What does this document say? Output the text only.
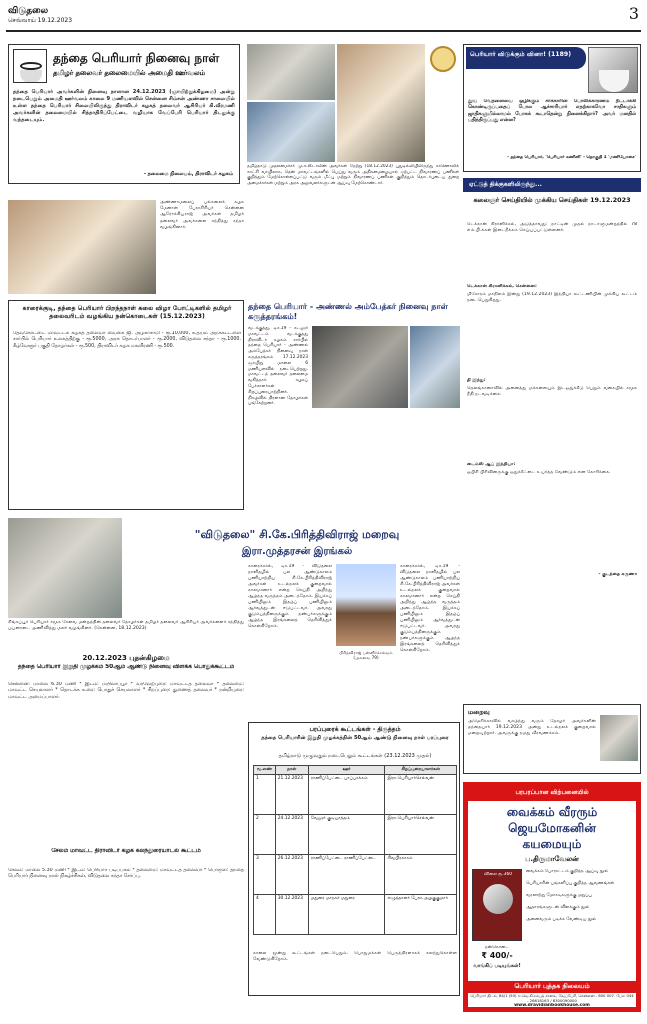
விடுதலை
செவ்வாய் 19.12.2023	3
தந்தை பெரியார் நினைவு நாள்
தமிழர் தலைவர் தலைமையில் அமைதி ஊர்வலம்
தந்தை பெரியார் அவர்களின் நினைவு நாளான 24.12.2023 (ஞாயிற்றுக்கிழமை) அன்று நடைபெறும் அமைதி ஊர்வலம் காலை 9 மணியளவில் சென்னை சிம்சன் அண்ணா சாலையில் உள்ள தந்தை பெரியார் சிலையிலிருந்து திராவிடர் கழகத் தலைவர் ஆசிரியர் கி.வீரமணி அவர்களின் தலைமையில் சிந்தாதிரிப்பேட்டை வழியாக வேப்பேரி பெரியார் திடலுக்கு வந்தடையும்.
- தலைமை நிலையம், திராவிடர் கழகம்
தமிழ்நாடு முதலமைச்சர் மு.க.ஸ்டாலின் அவர்கள் நேற்று (18.12.2023) புதுடில்லியிலிருந்து காணொலிக் காட்சி வாயிலாக, தென் மாவட்டங்களில் பெய்து வரும் அதிகனமழையால் ஏற்பட்ட நிவாரணப் பணிகள் குறித்தும் மேற்கொள்ளப்பட்டு வரும் மீட்பு மற்றும் நிவாரணப் பணிகள் குறித்தும் தொடர்புடைய துறை அமைச்சர்கள் மற்றும் அரசு அலுவலர்களுடன் ஆய்வு மேற்கொண்டார்.
பெரியார் விடுக்கும் வினா! (1189)
தூய் வேதனையை ஒழிக்கும் சர்க்காரின் போலிக்காரணம் தீட்டாக்கி கொண்டிருப்பதைப் போல ஆச்சாரியார் எதற்காகவோ சாதிகளும் ஜாதிகளுமில்லாமல் போகக் கூடாதென்று நினைக்கிறார்? அவர் மனதில் பதிந்திருப்பது என்ன?
- தந்தை பெரியார், 'பெரியார் கணினி' - தொகுதி 1 'மணியோசை'
அண்ணாமலைப் பல்கலைக் கழக மேனாள் பேராசிரியர் சென்னை ஆரோக்கியராஜ் அவர்கள் தமிழர் தலைவர் அவர்களை சந்தித்து சந்தா வழங்கினார்.
ஏட்டுத் திக்குகளிலிருந்து...
கலைஞர் செய்தியில் முக்கிய செய்திகள் 19.12.2023
டெக்கான் கிரானிக்கல், அடுத்தாவது: நாட்டின் முதல் நாடாளுமன்றத்தில் 78 எம்.பி.க்கள் இடைநீக்கம் செய்யப்பட்டுள்ளனர்.
டெக்கான் கிரானிக்கல், சென்னை:
மிசோரம் மாநிலம் இன்று (19.12.2023) இந்தியா கூட்டணியின் முக்கிய கூட்டம் நடைபெறுகிறது.
தி இந்து:
தெலங்கானாவில் அனைத்து மக்களையும் இடஒதுக்கீடு பெறும் வகையில் சமூக நீதி நடவடிக்கை.
டைம்ஸ் ஆப் இந்தியா:
ஓபிசி பிரிவினருக்கு ஒதுக்கீட்டை உயர்த்த வேண்டும் என கோரிக்கை.
- குடந்தை கருணா
காரைக்குடி, தந்தை பெரியார் பிறந்தநாள் கலை விழா போட்டிகளில் தமிழர் தலைவரிடம் வழங்கிய நன்கொடைகள் (15.12.2023)
தேவகோட்டை மாவட்டக் கழகத் தலைவர் வைகை ஜி. அழகர்சாமி - ரூ.10,000, உதயம் அறக்கட்டளை சார்பில் பெரியார் உலகத்திற்கு - ரூ.5000, அரசு தொடர்பாளர் - ரூ.2000, விடுதலை சந்தா - ரூ.1000. கீழ்வேளூர் பகுதி தோழர்கள் - ரூ.500, திராவிடர் கழக மகளிரணி - ரூ.500.
தந்தை பெரியார் - அண்ணல் அம்பேத்கர் நினைவு நாள் கருத்தரங்கம்!
வடக்குத்து, டிச.19 - கடலூர் மாவட்டம் வடக்குத்து திராவிடர் கழகம் சார்பில் தந்தை பெரியார் - அண்ணல் அம்பேத்கர் நினைவு நாள் கருத்தரங்கம் 17.12.2023 ஞாயிறு மாலை 6 மணியளவில் நடைபெற்றது. மாவட்டத் தலைவர் தலைமை வகித்தார். கழகப் பேச்சாளர்கள் சிறப்புரையாற்றினர். நிகழ்வில் திரளான தோழர்கள் பங்கேற்றனர்.
"விடுதலை" சி.கே.பிரித்திவிராஜ் மறைவு
இரா.முத்தரசன் இரங்கல்
காரைக்கால், டிச.19 - விடுதலை நாளிதழில் பல ஆண்டுகாலம் பணியாற்றிய சி.கே.பிரித்திவிராஜ் அவர்கள் உடல்நலக் குறைவால் காலமானார் என்ற செய்தி அறிந்து ஆழ்ந்த வருத்தம் அடைந்தோம். இயக்கப் பணியிலும் இதழ்ப் பணியிலும் ஆர்வத்துடன் ஈடுபட்டவர். அவரது குடும்பத்தினருக்கும் நண்பர்களுக்கும் ஆழ்ந்த இரங்கலைத் தெரிவித்துக் கொள்கிறோம்.
பிரித்விராஜ் பன்னீர்செல்வம் (அகவை 79)
காரைக்கால், டிச.19 - விடுதலை நாளிதழில் பல ஆண்டுகாலம் பணியாற்றிய சி.கே.பிரித்திவிராஜ் அவர்கள் உடல்நலக் குறைவால் காலமானார் என்ற செய்தி அறிந்து ஆழ்ந்த வருத்தம் அடைந்தோம். இயக்கப் பணியிலும் இதழ்ப் பணியிலும் ஆர்வத்துடன் ஈடுபட்டவர். அவரது குடும்பத்தினருக்கும் நண்பர்களுக்கும் ஆழ்ந்த இரங்கலைத் தெரிவித்துக் கொள்கிறோம்.
சிங்கப்பூர் பெரியார் சமூக சேவை மன்றத்தின் தலைவர் தோழர்கள் தமிழர் தலைவர் ஆசிரியர் அவர்களைச் சந்தித்து பயனாடை அணிவித்து மலர் வழங்கினர். (சென்னை, 18.12.2023)
20.12.2023 புதன்கிழமை
தந்தை பெரியார் இறுதி முழக்கம் 50ஆம் ஆண்டு நினைவு விளக்க பொதுக்கூட்டம்
சென்னை: மாலை 6.30 மணி * இடம்: மயிலாப்பூர் * வரவேற்புரை: மாவட்டத் தலைவர் * தலைமை: மாவட்ட செயலாளர் * தொடக்க உரை: பொதுச் செயலாளர் * சிறப்புரை: துணைத் தலைவர் * நன்றியுரை: மாவட்ட அமைப்பாளர்.
சேலம் மாவட்ட திராவிடர் கழக கலந்துரையாடல் கூட்டம்
சேலம்: மாலை 5.30 மணி * இடம்: பெரியார் படிப்பகம் * தலைமை: மாவட்டத் தலைவர் * பொருள்: தந்தை பெரியார் நினைவு நாள் நிகழ்ச்சிகள், விடுதலை சந்தா சேர்ப்பு.
பரப்புரைக் கூட்டங்கள் - திருத்தம்
தந்தை பெரியாரின் இறுதி முழக்கத்தின் 50ஆம் ஆண்டு நினைவு நாள் பரப்புரை
தமிழ்நாடு முழுவதும் நடைபெறும் கூட்டங்கள் (23.12.2023 முதல்)
வ.எண்	நாள்	ஊர்	சிறப்புரையாளர்கள்
1	21.12.2023	ராணிப்பேட்டை பாப்பாக்கம்	இரா.பெரியார்செல்வன்
2	24.12.2023	வேலூர் குடியாத்தம்	இரா.பெரியார்செல்வன்
3	26.12.2023	ராணிப்பேட்டை ராணிப்பேட்டை	சிவபிரகாசம்
4	30.12.2023	மதுரை மாநகர் மதுரை	எழுத்தாளர் பேரா.அழகுகுமார்
காலை மூன்று கூட்டங்கள் நடைபெறும். பொதுமக்கள் பெருந்திரளாகக் கலந்துகொள்ள வேண்டுகிறோம்.
மறைவு
அமெரிக்காவில் வாழ்ந்து வரும் தோழர் அவர்களின் தந்தையார் 19.12.2023 அன்று உடல்நலக் குறைவால் மறைவுற்றார். அவருக்கு நமது வீரவணக்கம்.
பரபரப்பான விற்பனையில்
வைக்கம் வீரரும்
ஜெயமோகனின்
கயமையும்
ப.திருமாவேலன்
விலை ரூ.360
நன்கொடை
₹ 400/-
வாங்கிப் படியுங்கள்!
வைக்கம் போராட்டம் குறித்த ஆய்வு நூல்
பெரியாரின் பங்களிப்பு குறித்த ஆவணங்கள்
வரலாற்று மோசடிகளுக்கு மறுப்பு
ஆதாரங்களுடன் விளக்கும் நூல்
அனைவரும் படிக்க வேண்டிய நூல்
பெரியார் புத்தக நிலையம்
பெரியார் திடல், 84/1 (50) ஈ.வெ.கி.சம்பத் சாலை, வேப்பேரி, சென்னை - 600 007. பேச: 044 - 26618163 / 8300090000
www.dravidianbookhouse.com
